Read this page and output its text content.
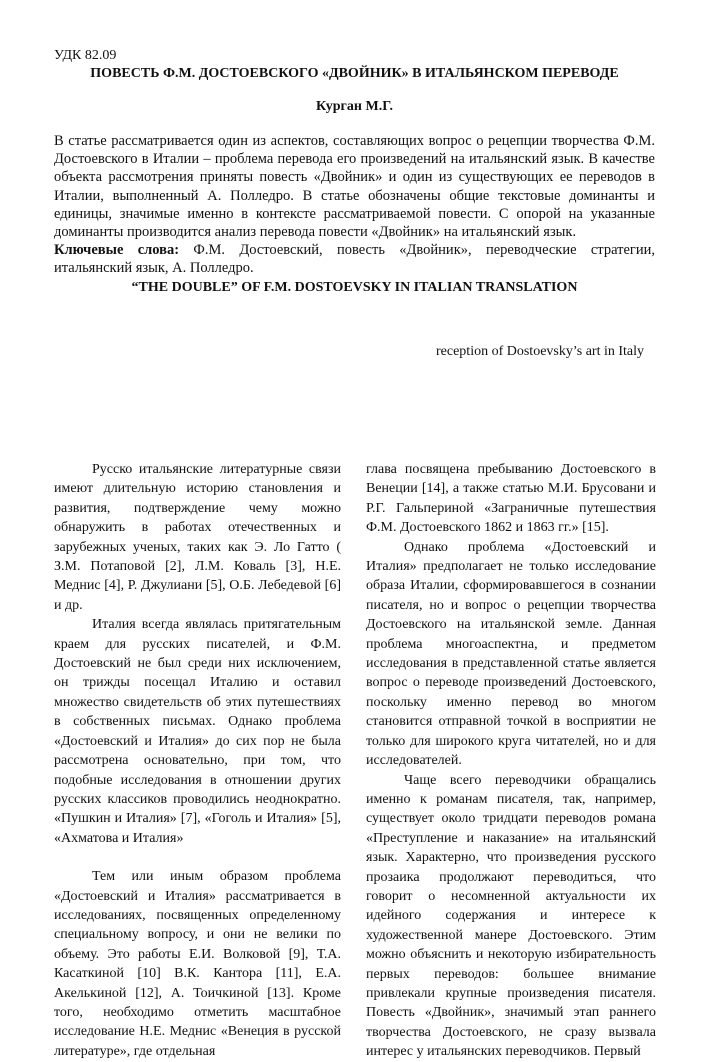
УДК 82.09
ПОВЕСТЬ Ф.М. ДОСТОЕВСКОГО «ДВОЙНИК» В ИТАЛЬЯНСКОМ ПЕРЕВОДЕ
Курган М.Г.
В статье рассматривается один из аспектов, составляющих вопрос о рецепции творчества Ф.М. Достоевского в Италии – проблема перевода его произведений на итальянский язык. В качестве объекта рассмотрения приняты повесть «Двойник» и один из существующих ее переводов в Италии, выполненный А. Полледро. В статье обозначены общие текстовые доминанты и единицы, значимые именно в контексте рассматриваемой повести. С опорой на указанные доминанты производится анализ перевода повести «Двойник» на итальянский язык.
Ключевые слова: Ф.М. Достоевский, повесть «Двойник», переводческие стратегии, итальянский язык, А. Полледро.
“THE DOUBLE” OF F.M. DOSTOEVSKY IN ITALIAN TRANSLATION
reception of Dostoevsky’s art in Italy

Русско итальянские литературные связи имеют длительную историю становления и развития, подтверждение чему можно обнаружить в работах отечественных и зарубежных ученых, таких как Э. Ло Гатто ( З.М. Потаповой [2], Л.М. Коваль [3], Н.Е. Меднис [4], Р. Джулиани [5], О.Б. Лебедевой [6] и др.

Италия всегда являлась притягательным краем для русских писателей, и Ф.М. Достоевский не был среди них исключением, он трижды посещал Италию и оставил множество свидетельств об этих путешествиях в собственных письмах. Однако проблема «Достоевский и Италия» до сих пор не была рассмотрена основательно, при том, что подобные исследования в отношении других русских классиков проводились неоднократно. «Пушкин и Италия» [7], «Гоголь и Италия» [5], «Ахматова и Италия»

Тем или иным образом проблема «Достоевский и Италия» рассматривается в исследованиях, посвященных определенному специальному вопросу, и они не велики по объему. Это работы Е.И. Волковой [9], Т.А. Касаткиной [10] В.К. Кантора [11], Е.А. Акелькиной [12], А. Тоичкиной [13]. Кроме того, необходимо отметить масштабное исследование Н.Е. Меднис «Венеция в русской литературе», где отдельная

глава посвящена пребыванию Достоевского в Венеции [14], а также статью М.И. Брусовани и Р.Г. Гальпериной «Заграничные путешествия Ф.М. Достоевского 1862 и 1863 гг.» [15].

Однако проблема «Достоевский и Италия» предполагает не только исследование образа Италии, сформировавшегося в сознании писателя, но и вопрос о рецепции творчества Достоевского на итальянской земле. Данная проблема многоаспектна, и предметом исследования в представленной статье является вопрос о переводе произведений Достоевского, поскольку именно перевод во многом становится отправной точкой в восприятии не только для широкого круга читателей, но и для исследователей.

Чаще всего переводчики обращались именно к романам писателя, так, например, существует около тридцати переводов романа «Преступление и наказание» на итальянский язык. Характерно, что произведения русского прозаика продолжают переводиться, что говорит о несомненной актуальности их идейного содержания и интересе к художественной манере Достоевского. Этим можно объяснить и некоторую избирательность первых переводов: большее внимание привлекали крупные произведения писателя. Повесть «Двойник», значимый этап раннего творчества Достоевского, не сразу вызвала интерес у итальянских переводчиков. Первый
